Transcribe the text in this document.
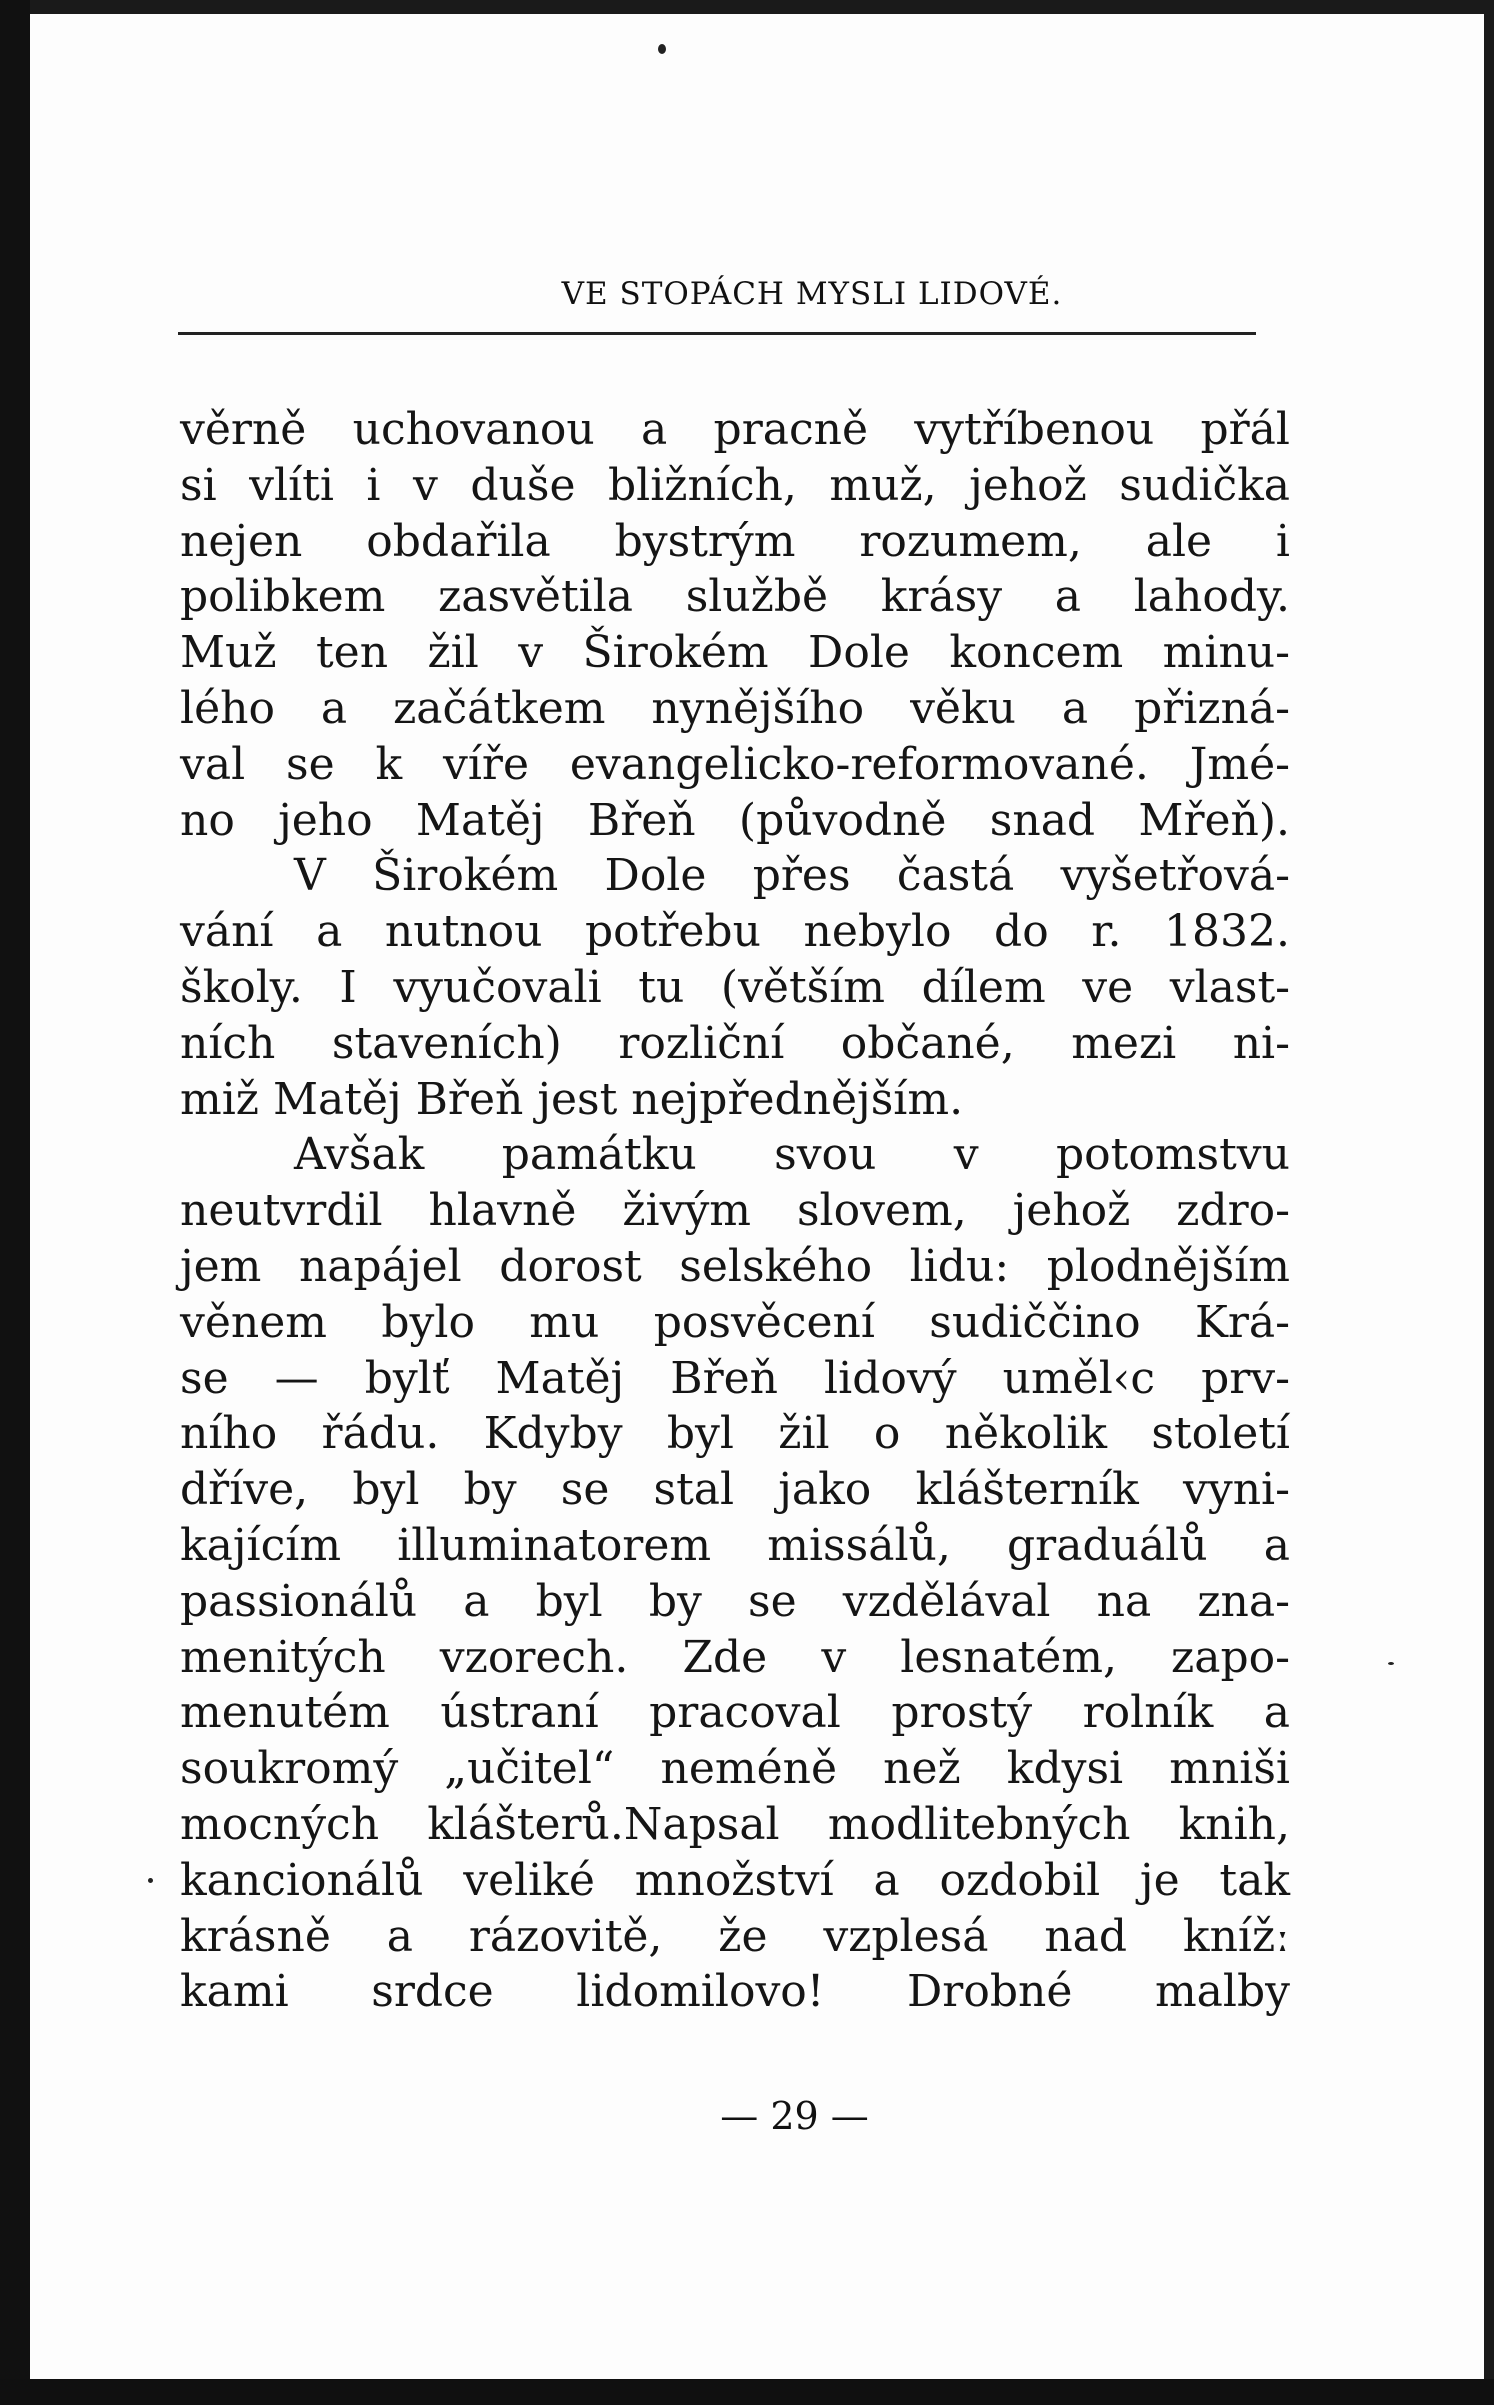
VE STOPÁCH MYSLI LIDOVÉ.
věrně uchovanou a pracně vytříbenou přál
si vlíti i v duše bližních, muž, jehož sudička
nejen obdařila bystrým rozumem, ale i
polibkem zasvětila službě krásy a lahody.
Muž ten žil v Širokém Dole koncem minu-
lého a začátkem nynějšího věku a přizná-
val se k víře evangelicko-reformované. Jmé-
no jeho Matěj Břeň (původně snad Mřeň).
V Širokém Dole přes častá vyšetřová-
vání a nutnou potřebu nebylo do r. 1832.
školy. I vyučovali tu (větším dílem ve vlast-
ních staveních) rozliční občané, mezi ni-
miž Matěj Břeň jest nejpřednějším.
Avšak památku svou v potomstvu
neutvrdil hlavně živým slovem, jehož zdro-
jem napájel dorost selského lidu: plodnějším
věnem bylo mu posvěcení sudiččino Krá-
se — bylť Matěj Břeň lidový uměl‹c prv-
ního řádu. Kdyby byl žil o několik století
dříve, byl by se stal jako klášterník vyni-
kajícím illuminatorem missálů, graduálů a
passionálů a byl by se vzdělával na zna-
menitých vzorech. Zde v lesnatém, zapo-
menutém ústraní pracoval prostý rolník a
soukromý „učitel“ neméně než kdysi mniši
mocných klášterů.Napsal modlitebných knih,
kancionálů veliké množství a ozdobil je tak
krásně a rázovitě, že vzplesá nad knížː
kami srdce lidomilovo! Drobné malby
— 29 —
